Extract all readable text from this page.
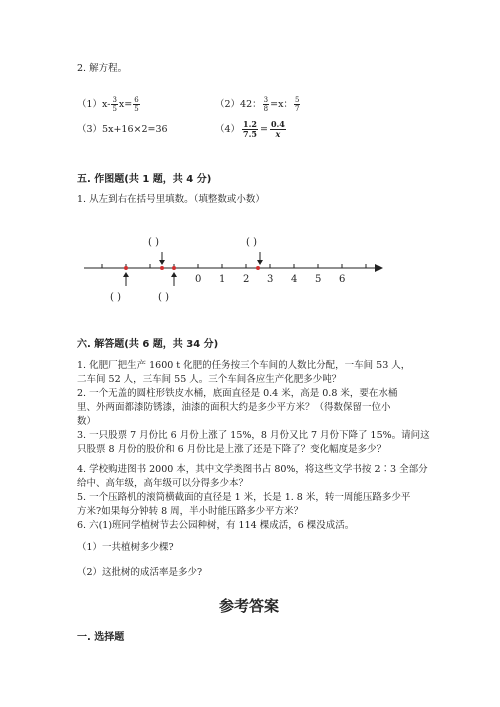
2. 解方程。
$(1)x- \frac{3}{5} x= \frac{6}{5}$	（2）42： $\frac{3}{8} =x$： $\frac{5}{7}$
（3）5x+16×2=36	$(4) \frac{1.2}{7.5} = \frac{0.4}{x}$
五. 作图题(共 1 题，共 4 分)
1. 从左到右在括号里填数。（填整数或小数）
( )	( )
0 1 2 3 4 5 6
( )	( )
六. 解答题(共 6 题，共 34 分)
1. 化肥厂把生产 1600 t 化肥的任务按三个车间的人数比分配，一车间 53 人，
二车间 52 人，三车间 55 人。三个车间各应生产化肥多少吨？
2. 一个无盖的圆柱形铁皮水桶，底面直径是 0.4 米，高是 0.8 米，要在水桶
里、外两面都漆防锈漆，油漆的面积大约是多少平方米？（得数保留一位小
数）
3. 一只股票 7 月份比 6 月份上涨了 15%，8 月份又比 7 月份下降了 15%。请问这
只股票 8 月份的股价和 6 月份比是上涨了还是下降了？变化幅度是多少？
4. 学校购进图书 2000 本，其中文学类图书占 80%，将这些文学书按 2∶3 全部分
给中、高年级，高年级可以分得多少本？
5. 一个压路机的滚筒横截面的直径是 1 米，长是 1. 8 米，转一周能压路多少平
方米?如果每分钟转 8 周，半小时能压路多少平方米？
6. 六(1)班同学植树节去公园种树，有 114 棵成活，6 棵没成活。
（1）一共植树多少棵?
（2）这批树的成活率是多少?
参考答案
一. 选择题
